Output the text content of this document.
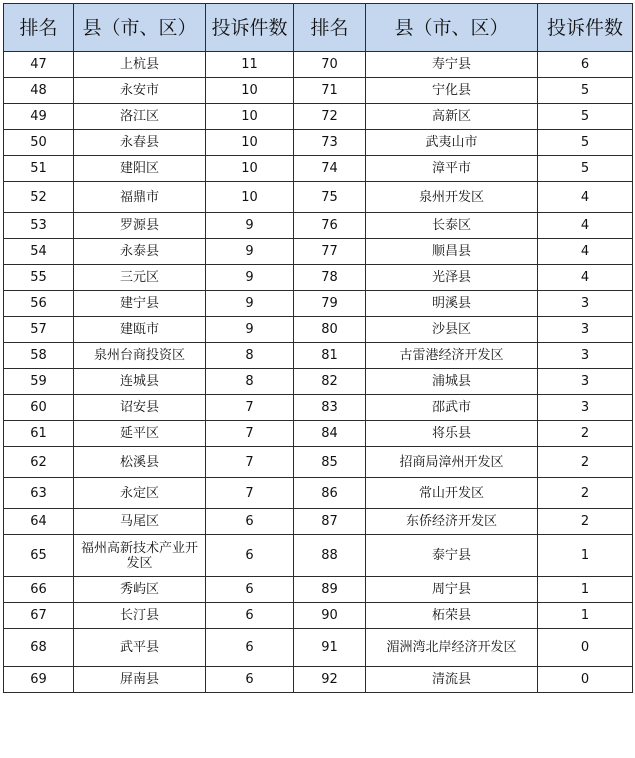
排名	县（市、区）	投诉件数	排名	县（市、区）	投诉件数
47	上杭县	11	70	寿宁县	6
48	永安市	10	71	宁化县	5
49	洛江区	10	72	高新区	5
50	永春县	10	73	武夷山市	5
51	建阳区	10	74	漳平市	5
52	福鼎市	10	75	泉州开发区	4
53	罗源县	9	76	长泰区	4
54	永泰县	9	77	顺昌县	4
55	三元区	9	78	光泽县	4
56	建宁县	9	79	明溪县	3
57	建瓯市	9	80	沙县区	3
58	泉州台商投资区	8	81	古雷港经济开发区	3
59	连城县	8	82	浦城县	3
60	诏安县	7	83	邵武市	3
61	延平区	7	84	将乐县	2
62	松溪县	7	85	招商局漳州开发区	2
63	永定区	7	86	常山开发区	2
64	马尾区	6	87	东侨经济开发区	2
65	福州高新技术产业开发区	6	88	泰宁县	1
66	秀屿区	6	89	周宁县	1
67	长汀县	6	90	柘荣县	1
68	武平县	6	91	湄洲湾北岸经济开发区	0
69	屏南县	6	92	清流县	0
